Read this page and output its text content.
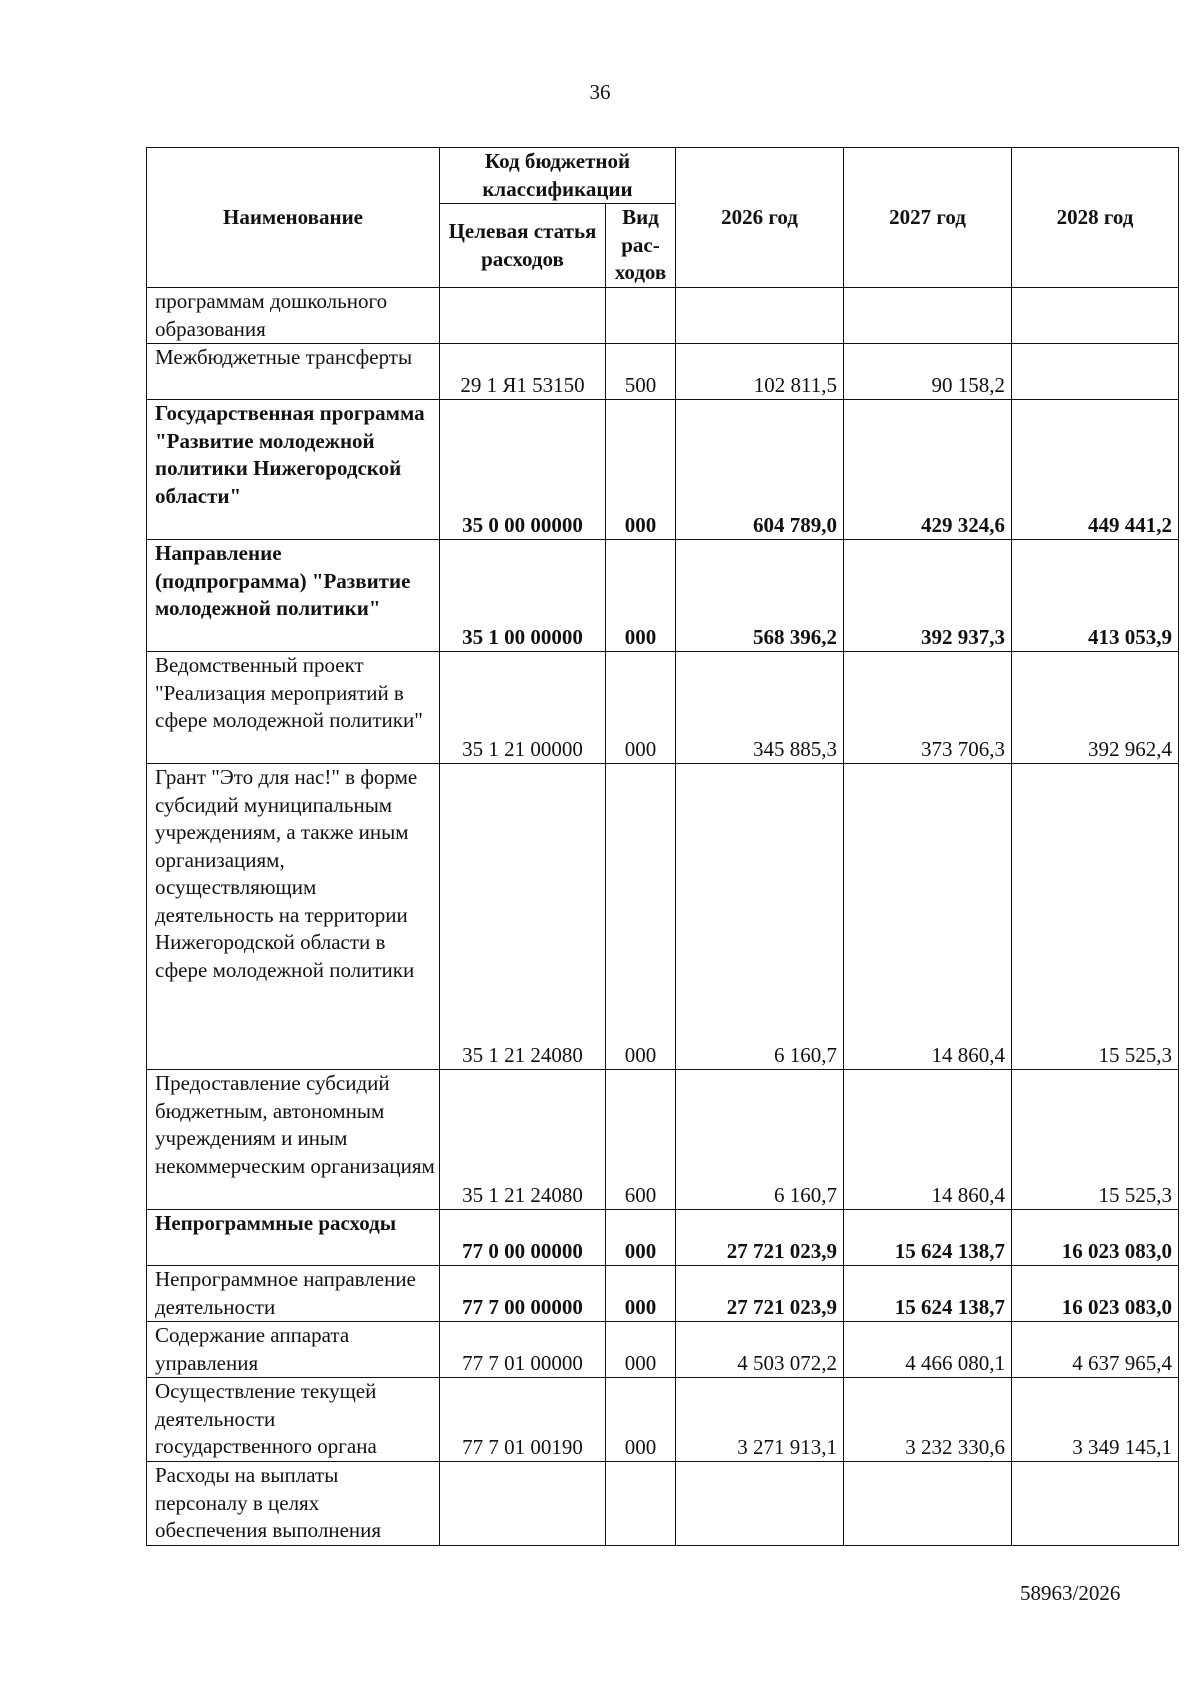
36
Наименование	Код бюджетной классификации		2026 год	2027 год	2028 год
	Целевая статья расходов	Вид рас-ходов			
программам дошкольного образования					
Межбюджетные трансферты	29 1 Я1 53150	500	102 811,5	90 158,2	
Государственная программа "Развитие молодежной политики Нижегородской области"	35 0 00 00000	000	604 789,0	429 324,6	449 441,2
Направление (подпрограмма) "Развитие молодежной политики"	35 1 00 00000	000	568 396,2	392 937,3	413 053,9
Ведомственный проект "Реализация мероприятий в сфере молодежной политики"	35 1 21 00000	000	345 885,3	373 706,3	392 962,4
Грант "Это для нас!" в форме субсидий муниципальным учреждениям, а также иным организациям, осуществляющим деятельность на территории Нижегородской области в сфере молодежной политики	35 1 21 24080	000	6 160,7	14 860,4	15 525,3
Предоставление субсидий бюджетным, автономным учреждениям и иным некоммерческим организациям	35 1 21 24080	600	6 160,7	14 860,4	15 525,3
Непрограммные расходы	77 0 00 00000	000	27 721 023,9	15 624 138,7	16 023 083,0
Непрограммное направление деятельности	77 7 00 00000	000	27 721 023,9	15 624 138,7	16 023 083,0
Содержание аппарата управления	77 7 01 00000	000	4 503 072,2	4 466 080,1	4 637 965,4
Осуществление текущей деятельности государственного органа	77 7 01 00190	000	3 271 913,1	3 232 330,6	3 349 145,1
Расходы на выплаты персоналу в целях обеспечения выполнения					
58963/2026
